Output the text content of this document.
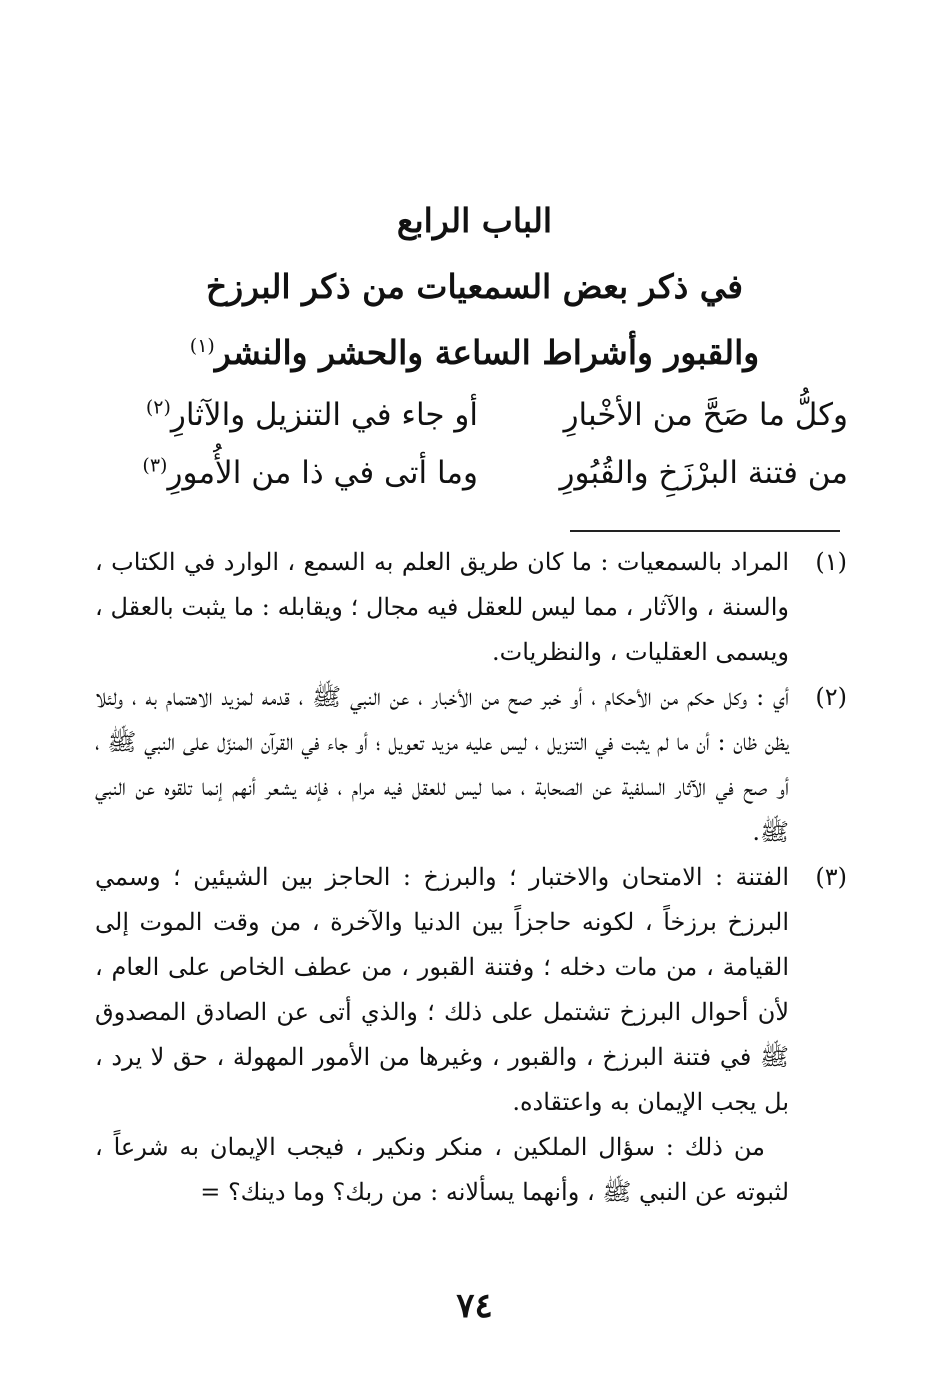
الباب الرابع
في ذكر بعض السمعيات من ذكر البرزخ
والقبور وأشراط الساعة والحشر والنشر$^{(١)}$
وكلُّ ما صَحَّ من الأخْبارِ
أو جاء في التنزيل والآثارِ$^{(٢)}$
من فتنة البرْزَخِ والقُبُورِ
وما أتى في ذا من الأُمورِ$^{(٣)}$

(١)
المراد بالسمعيات : ما كان طريق العلم به السمع ، الوارد في الكتاب ، والسنة ، والآثار ، مما ليس للعقل فيه مجال ؛ ويقابله : ما يثبت بالعقل ، ويسمى العقليات ، والنظريات.

(٢)
أي : وكل حكم من الأحكام ، أو خبر صح من الأخبار ، عن النبي ﷺ ، قدمه لمزيد الاهتمام به ، ولئلا يظن ظان : أن ما لم يثبت في التنزيل ، ليس عليه مزيد تعويل ؛ أو جاء في القرآن المنزّل على النبي ﷺ ، أو صح في الآثار السلفية عن الصحابة ، مما ليس للعقل فيه مرام ، فإنه يشعر أنهم إنما تلقوه عن النبي ﷺ.

(٣)
الفتنة : الامتحان والاختبار ؛ والبرزخ : الحاجز بين الشيئين ؛ وسمي البرزخ برزخاً ، لكونه حاجزاً بين الدنيا والآخرة ، من وقت الموت إلى القيامة ، من مات دخله ؛ وفتنة القبور ، من عطف الخاص على العام ، لأن أحوال البرزخ تشتمل على ذلك ؛ والذي أتى عن الصادق المصدوق ﷺ في فتنة البرزخ ، والقبور ، وغيرها من الأمور المهولة ، حق لا يرد ، بل يجب الإيمان به واعتقاده.

من ذلك : سؤال الملكين ، منكر ونكير ، فيجب الإيمان به شرعاً ، لثبوته عن النبي ﷺ ، وأنهما يسألانه : من ربك؟ وما دينك؟ =

٧٤
